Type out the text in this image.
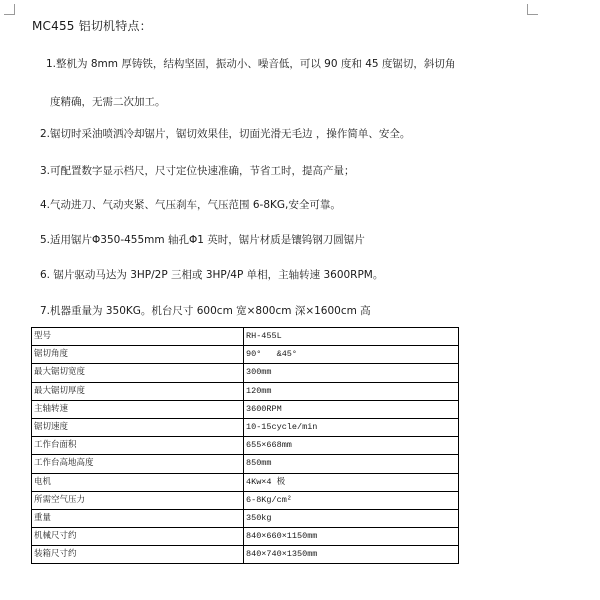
MC455 铝切机特点：
1.整机为 8mm 厚铸铁，结构坚固，振动小、噪音低，可以 90 度和 45 度锯切，斜切角
度精确，无需二次加工。
2.锯切时采油喷洒冷却锯片，锯切效果佳，切面光滑无毛边 ，操作简单、安全。
3.可配置数字显示档尺，尺寸定位快速准确，节省工时，提高产量；
4.气动进刀、气动夹紧、气压刹车，气压范围 6-8KG,安全可靠。
5.适用锯片Φ350-455mm 轴孔Φ1 英时，锯片材质是镶钨钢刀圆锯片
6. 锯片驱动马达为 3HP/2P 三相或 3HP/4P 单相，主轴转速 3600RPM。
7.机器重量为 350KG。机台尺寸 600cm 宽×800cm 深×1600cm 高
型号	RH-455L
锯切角度	90°   &45°
最大锯切宽度	300mm
最大锯切厚度	120mm
主轴转速	3600RPM
锯切速度	10-15cycle/min
工作台面积	655×668mm
工作台高地高度	850mm
电机	4Kw×4 极
所需空气压力	6-8Kg/cm²
重量	350kg
机械尺寸约	840×660×1150mm
装箱尺寸约	840×740×1350mm
